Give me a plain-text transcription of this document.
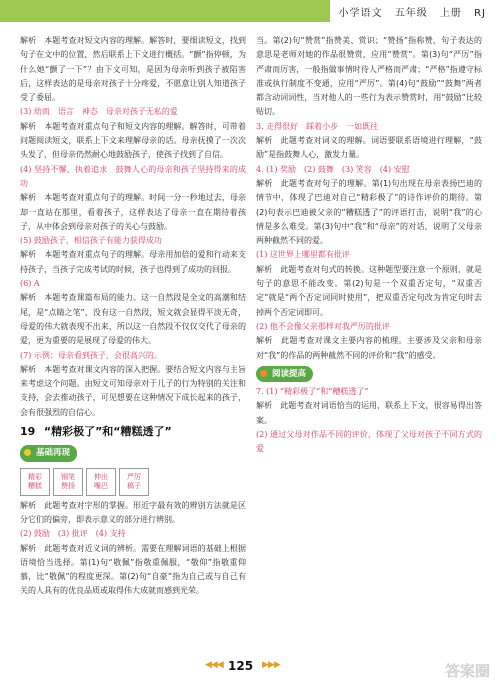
小学语文 五年级 上册 RJ

解析　本题考查对短文内容的理解。解答时，要细读短文，找到句子在文中的位置，然后联系上下文进行概括。“颤”指停顿，为什么她“颤了一下”？由下文可知，是因为母亲听到孩子被陷害后，这样表达的是母亲对孩子十分疼爱，不愿意让别人知道孩子受了委屈。

(3) 幼而　语言　神态　母亲对孩子无私的爱

解析　本题考查对重点句子和短文内容的理解。解答时，可带着问题阅读短文，联系上下文来理解母亲的话。母亲抚摸了一次次头发了，但母亲仍然耐心地鼓励孩子，使孩子找到了自信。

(4) 坚持不懈、执着追求　鼓舞人心的母亲和孩子坚持得来的成功

解析　本题考查对重点句子的理解。时间一分一秒地过去，母亲却一直站在那里，看着孩子，这样表达了母亲一直在期待着孩子，从中体会到母亲对孩子的关心与鼓励。

(5) 鼓励孩子，相信孩子有能力获得成功

解析　本题考查对重点句子的理解。母亲用加倍的爱和行动来支持孩子，当孩子完成考试的时候，孩子也得到了成功的回报。

(6) A

解析　本题考查课篇布局的能力。这一自然段是全文的高潮和结尾，是“点睛之笔”，没有这一自然段，短文就会显得平淡无奇，母爱的伟大就表现不出来，所以这一自然段不仅仅交代了母亲的爱，更为重要的是展现了母爱的伟大。

(7) 示例：母亲看到孩子，会很高兴的。

解析　本题考查对课文内容的深入把握。要结合短文内容与主旨来考虑这个问题。由短文可知母亲对于儿子的行为特别的关注和支持，会去推动孩子，可见想要在这种情况下成长起来的孩子，会有很强烈的自信心。

19 “精彩极了”和“糟糕透了”
基础再现
精彩
糟糕
钢笔
赞扬
伸出
嘴巴
严厉
稿子

解析　此题考查对字形的掌握。形近字最有效的辨别方法就是区分它们的偏旁，即表示意义的部分进行辨别。

(2) 鼓励　(3) 批评　(4) 支持

解析　此题考查对近义词的辨析。需要在理解词语的基础上根据语境恰当选择。第(1)句“敬佩”指敬重佩服，“敬仰”指敬重仰慕，比“敬佩”的程度更深。第(2)句“自豪”指为自己或与自己有关的人具有的优良品质或取得伟大成就而感到光荣。

当。第(2)句“赞赏”指赞美、赏识；“赞扬”指称赞，句子表达的意思是老师对她的作品很赞赏，应用“赞赏”。第(3)句“严厉”指严肃而厉害，一般指做事情时待人严格而严肃；“严格”指遵守标准或执行制度不变通，应用“严厉”。第(4)句“鼓励”“鼓舞”两者都含动词词性，当对他人的一些行为表示赞赏时，用“鼓励”比较贴切。

3. 走得很好　踩着小步　一如既往

解析　此题考查对词义的理解。词语要联系语境进行理解，“鼓励”是指鼓舞人心，激发力量。

4. (1) 奖励　(2) 鼓舞　(3) 笑容　(4) 安慰

解析　此题考查对句子的理解。第(1)句出现在母亲表扬巴迪的情节中，体现了巴迪对自己“精彩极了”的诗作评价的期待。第(2)句表示巴迪被父亲的“糟糕透了”的评语打击，说明“我”的心情是多么难受。第(3)句中“我”和“母亲”的对话，说明了父母亲两种截然不同的爱。

(1) 这世界上哪里都有批评

解析　此题考查对句式的转换。这种题型要注意一个原则，就是句子的意思不能改变。第(2)句是一个双重否定句，“双重否定”就是“两个否定词同时使用”，把双重否定句改为肯定句时去掉两个否定词即可。

(2) 他不会像父亲那样对我严厉的批评

解析　此题考查对课文主要内容的梳理。主要涉及父亲和母亲对“我”的作品的两种截然不同的评价和“我”的感受。

阅读提高

7. (1) “精彩极了”和“糟糕透了”

解析　此题考查对词语恰当的运用，联系上下文，很容易得出答案。

(2) 通过父母对作品不同的评价，体现了父母对孩子不同方式的爱

◀◀◀ 125 ▶▶▶	答案圈
